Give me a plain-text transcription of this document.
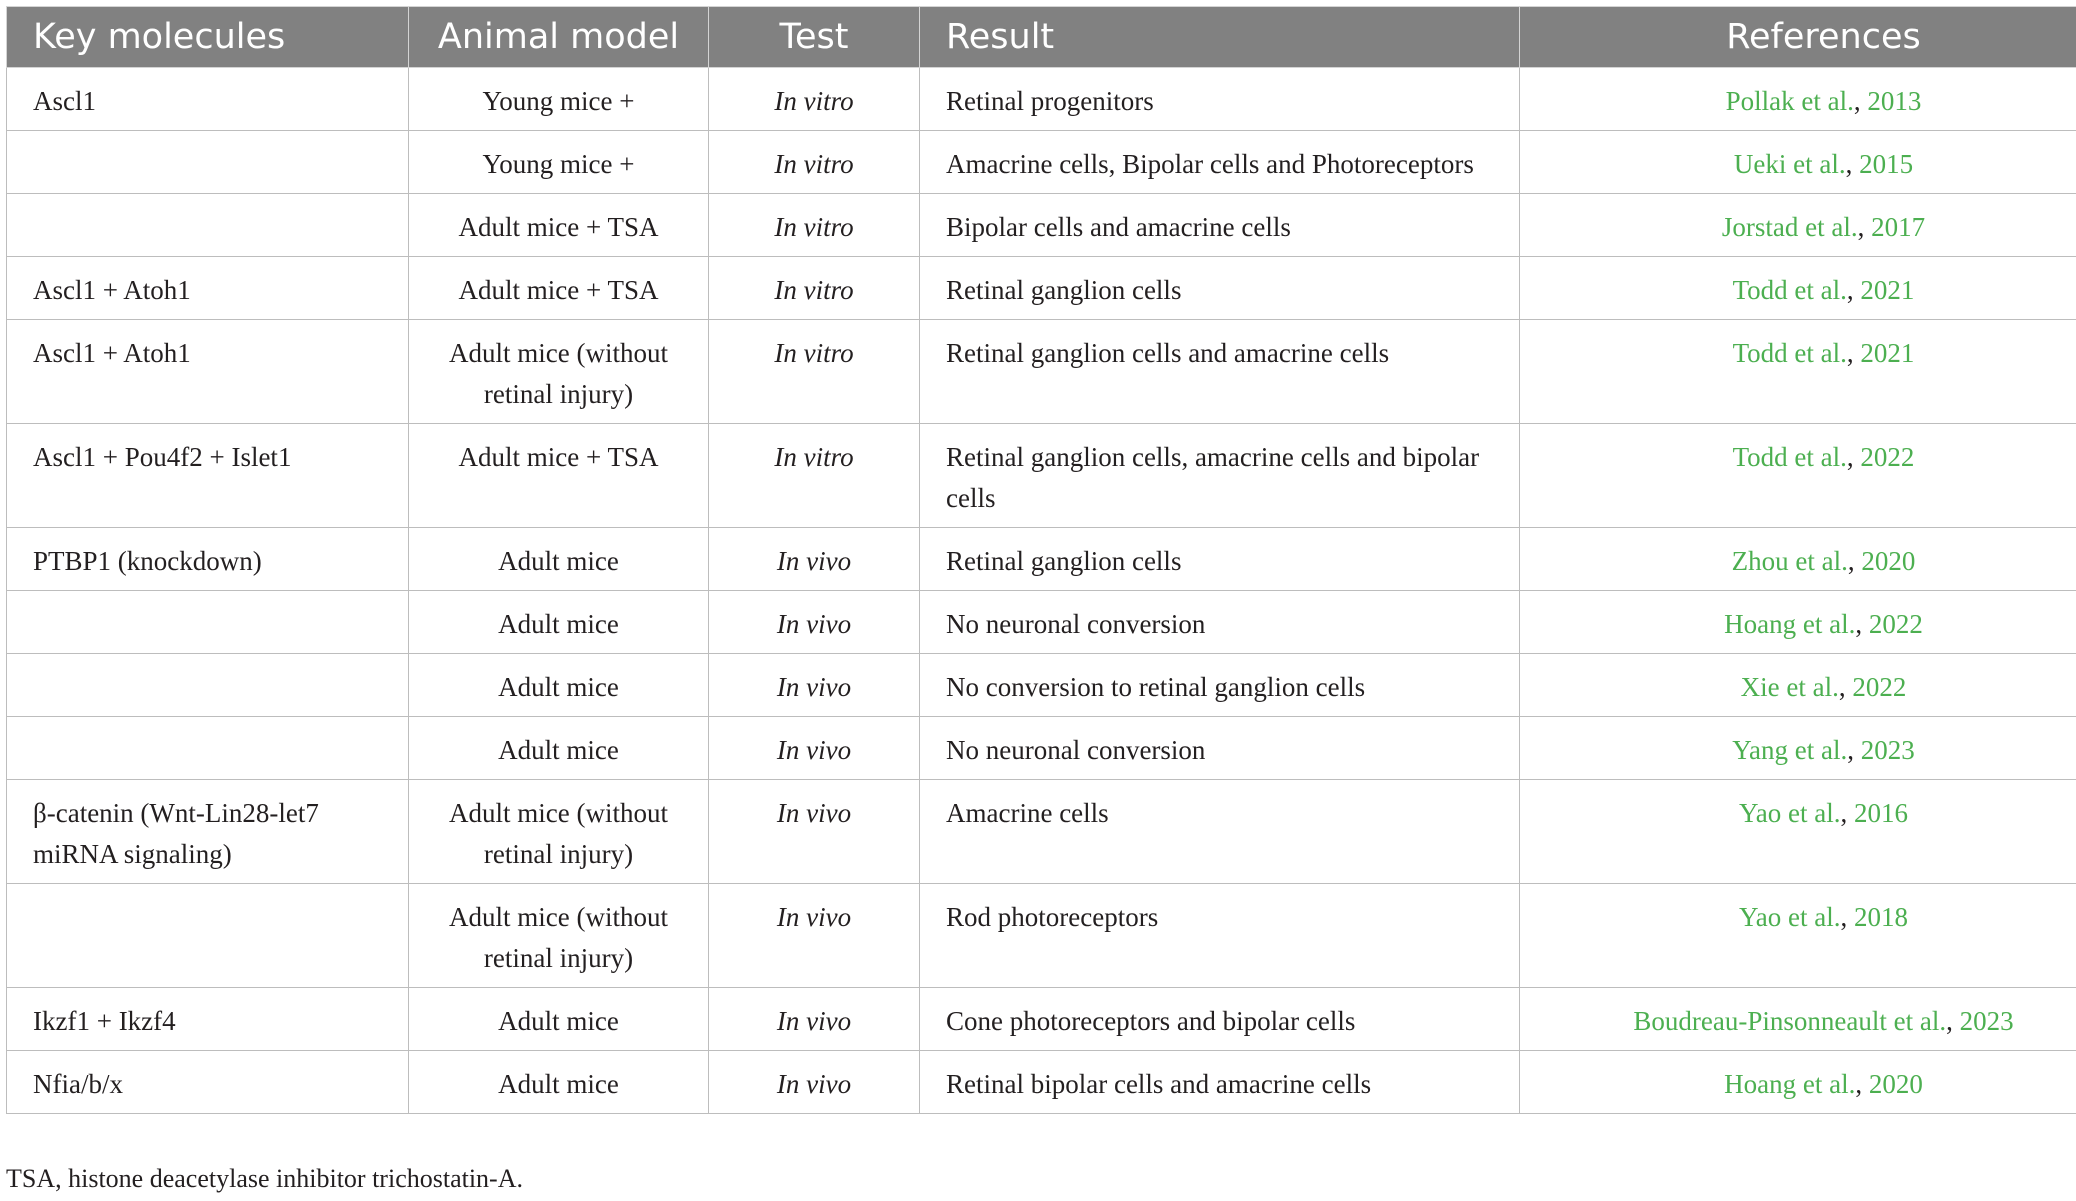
Key molecules	Animal model	Test	Result	References
Ascl1	Young mice +	In vitro	Retinal progenitors	Pollak et al., 2013
	Young mice +	In vitro	Amacrine cells, Bipolar cells and Photoreceptors	Ueki et al., 2015
	Adult mice + TSA	In vitro	Bipolar cells and amacrine cells	Jorstad et al., 2017
Ascl1 + Atoh1	Adult mice + TSA	In vitro	Retinal ganglion cells	Todd et al., 2021
Ascl1 + Atoh1	Adult mice (without retinal injury)	In vitro	Retinal ganglion cells and amacrine cells	Todd et al., 2021
Ascl1 + Pou4f2 + Islet1	Adult mice + TSA	In vitro	Retinal ganglion cells, amacrine cells and bipolar cells	Todd et al., 2022
PTBP1 (knockdown)	Adult mice	In vivo	Retinal ganglion cells	Zhou et al., 2020
	Adult mice	In vivo	No neuronal conversion	Hoang et al., 2022
	Adult mice	In vivo	No conversion to retinal ganglion cells	Xie et al., 2022
	Adult mice	In vivo	No neuronal conversion	Yang et al., 2023
β-catenin (Wnt-Lin28-let7 miRNA signaling)	Adult mice (without retinal injury)	In vivo	Amacrine cells	Yao et al., 2016
	Adult mice (without retinal injury)	In vivo	Rod photoreceptors	Yao et al., 2018
Ikzf1 + Ikzf4	Adult mice	In vivo	Cone photoreceptors and bipolar cells	Boudreau-Pinsonneault et al., 2023
Nfia/b/x	Adult mice	In vivo	Retinal bipolar cells and amacrine cells	Hoang et al., 2020
TSA, histone deacetylase inhibitor trichostatin-A.
